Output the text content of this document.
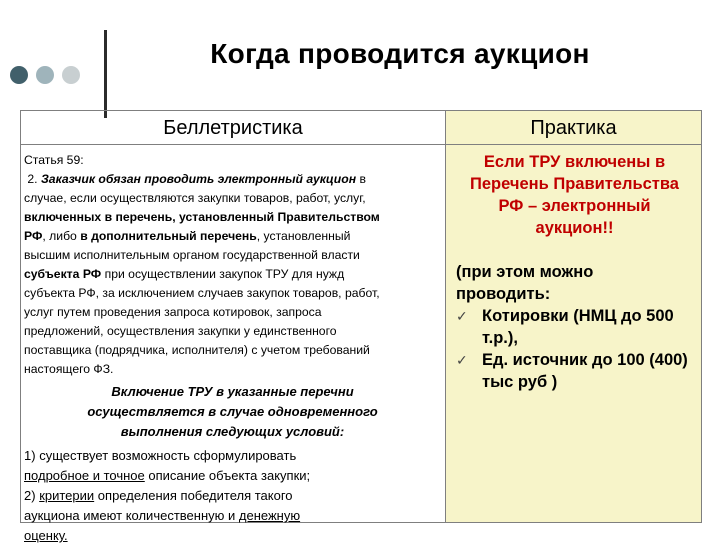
Когда проводится аукцион
Беллетристика	Практика
Статья 59:
2. Заказчик обязан проводить электронный аукцион в
случае, если осуществляются закупки товаров, работ, услуг,
включенных в перечень, установленный Правительством
РФ, либо в дополнительный перечень, установленный
высшим исполнительным органом государственной власти
субъекта РФ при осуществлении закупок ТРУ для нужд
субъекта РФ, за исключением случаев закупок товаров, работ,
услуг путем проведения запроса котировок, запроса
предложений, осуществления закупки у единственного
поставщика (подрядчика, исполнителя) с учетом требований
настоящего ФЗ.
Включение ТРУ в указанные перечни
осуществляется в случае одновременного
выполнения следующих условий:
1) существует возможность сформулировать
подробное и точное описание объекта закупки;
2) критерии определения победителя такого
аукциона имеют количественную и денежную
оценку.
Если ТРУ включены в
Перечень Правительства
РФ – электронный
аукцион!!
(при этом можно
проводить:
✓ Котировки (НМЦ до 500 т.р.),
✓ Ед. источник до 100 (400) тыс руб )
